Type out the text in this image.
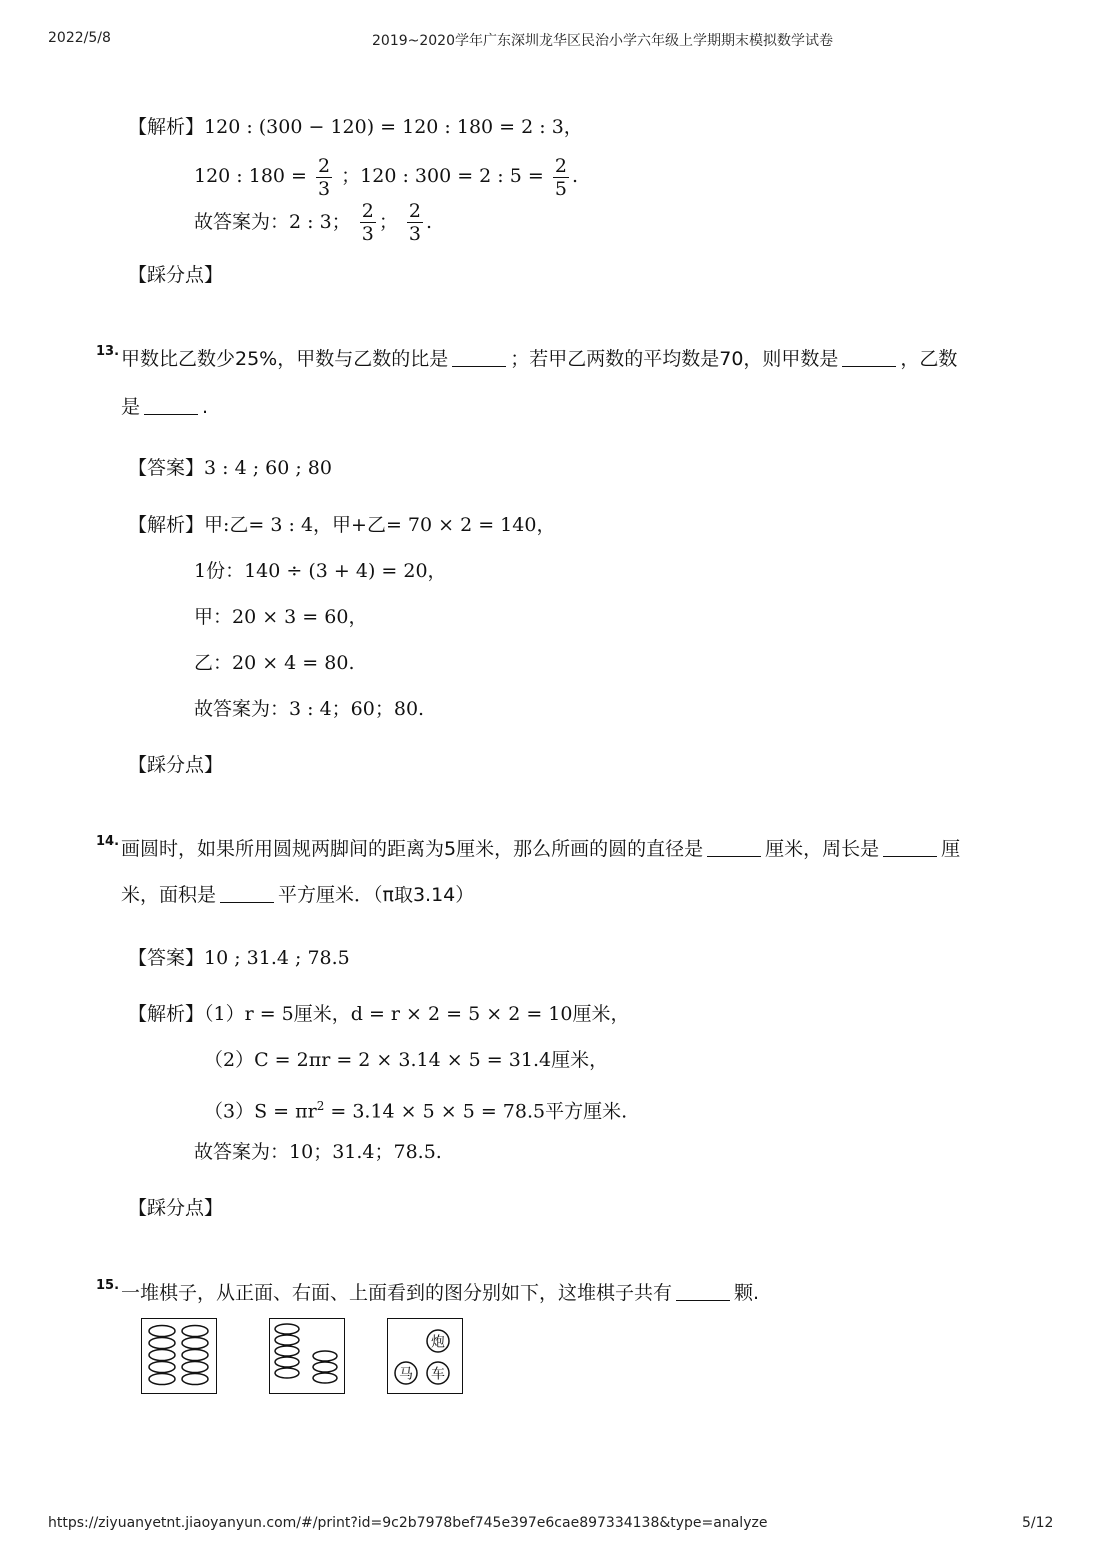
2022/5/8	2019~2020学年广东深圳龙华区民治小学六年级上学期期末模拟数学试卷
【解析】120 : (300 − 120) = 120 : 180 = 2 : 3，
120 : $180 = \frac{2}{3}$ ；120 : 300 = 2 : $5 = \frac{2}{5}$ .
故答案为：2 : 3； $\frac{2}{3}$ ； $\frac{2}{3}$ .
【踩分点】
13. 甲数比乙数少25%，甲数与乙数的比是	；若甲乙两数的平均数是70，则甲数是	，乙数
是	.
【答案】3 : 4 ; 60 ; 80
【解析】甲:乙= 3 : 4，甲+乙= 70 × 2 = 140，
1份：140 ÷ (3 + 4) = 20，
甲：20 × 3 = 60，
乙：20 × 4 = 80.
故答案为：3 : 4；60；80.
【踩分点】
14. 画圆时，如果所用圆规两脚间的距离为5厘米，那么所画的圆的直径是	厘米，周长是	厘
米，面积是	平方厘米．（π取3.14）
【答案】10 ; 31.4 ; 78.5
【解析】（1）r = 5厘米，d = r × 2 = 5 × 2 = 10厘米，
（2）C = 2πr = 2 × 3.14 × 5 = 31.4厘米，
$(3)S = \pi r^2 = 3.14 \times 5 \times 5 = 78.5$平方厘米.
故答案为：10；31.4；78.5.
【踩分点】
15. 一堆棋子，从正面、右面、上面看到的图分别如下，这堆棋子共有	颗.
炮
马 车
https://ziyuanyetnt.jiaoyanyun.com/#/print?id=9c2b7978bef745e397e6cae897334138&type=analyze	5/12
